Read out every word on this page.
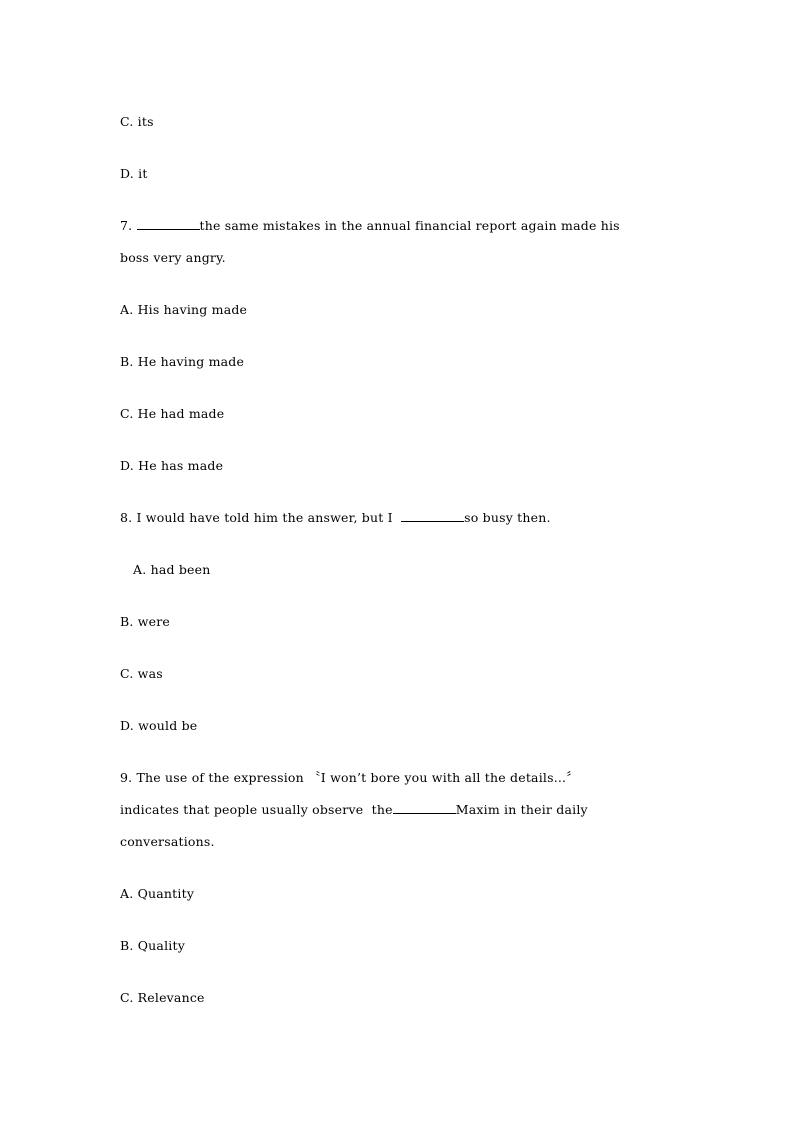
C. its
D. it
7.	the same mistakes in the annual financial report again made his
boss very angry.
A. His having made
B. He having made
C. He had made
D. He has made
8. I would have told him the answer, but I	so busy then.
A. had been
B. were
C. was
D. would be
9. The use of the expression 〝I won’t bore you with all the details...〞
indicates that people usually observe  the	Maxim in their daily
conversations.
A. Quantity
B. Quality
C. Relevance
